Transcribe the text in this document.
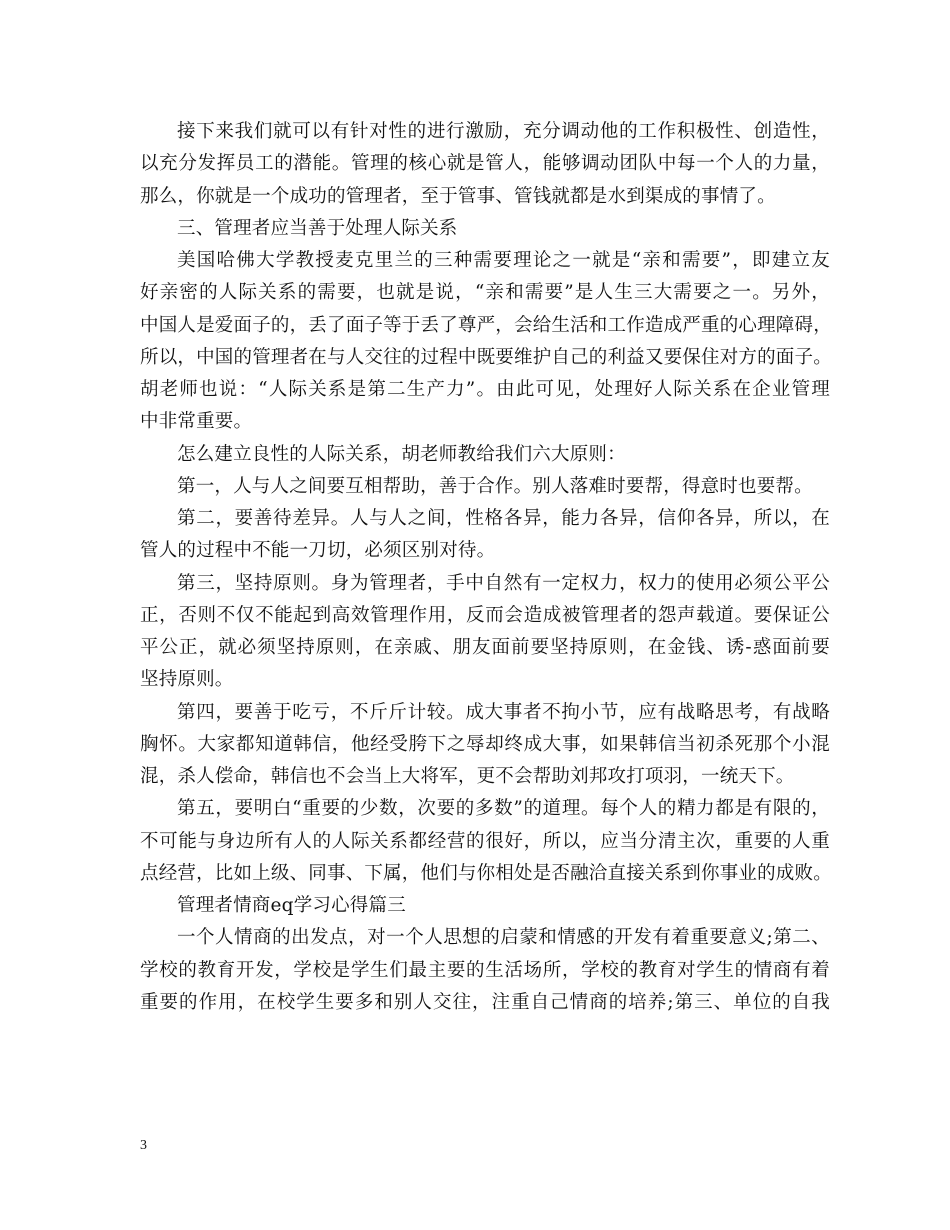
接下来我们就可以有针对性的进行激励，充分调动他的工作积极性、创造性，
以充分发挥员工的潜能。管理的核心就是管人，能够调动团队中每一个人的力量，
那么，你就是一个成功的管理者，至于管事、管钱就都是水到渠成的事情了。
三、管理者应当善于处理人际关系
美国哈佛大学教授麦克里兰的三种需要理论之一就是“亲和需要”，即建立友
好亲密的人际关系的需要，也就是说，“亲和需要”是人生三大需要之一。另外，
中国人是爱面子的，丢了面子等于丢了尊严，会给生活和工作造成严重的心理障碍，
所以，中国的管理者在与人交往的过程中既要维护自己的利益又要保住对方的面子。
胡老师也说：“人际关系是第二生产力”。由此可见，处理好人际关系在企业管理
中非常重要。
怎么建立良性的人际关系，胡老师教给我们六大原则：
第一，人与人之间要互相帮助，善于合作。别人落难时要帮，得意时也要帮。
第二，要善待差异。人与人之间，性格各异，能力各异，信仰各异，所以，在
管人的过程中不能一刀切，必须区别对待。
第三，坚持原则。身为管理者，手中自然有一定权力，权力的使用必须公平公
正，否则不仅不能起到高效管理作用，反而会造成被管理者的怨声载道。要保证公
平公正，就必须坚持原则，在亲戚、朋友面前要坚持原则，在金钱、诱-惑面前要
坚持原则。
第四，要善于吃亏，不斤斤计较。成大事者不拘小节，应有战略思考，有战略
胸怀。大家都知道韩信，他经受胯下之辱却终成大事，如果韩信当初杀死那个小混
混，杀人偿命，韩信也不会当上大将军，更不会帮助刘邦攻打项羽，一统天下。
第五，要明白“重要的少数，次要的多数”的道理。每个人的精力都是有限的，
不可能与身边所有人的人际关系都经营的很好，所以，应当分清主次，重要的人重
点经营，比如上级、同事、下属，他们与你相处是否融洽直接关系到你事业的成败。
管理者情商eq学习心得篇三
一个人情商的出发点，对一个人思想的启蒙和情感的开发有着重要意义;第二、
学校的教育开发，学校是学生们最主要的生活场所，学校的教育对学生的情商有着
重要的作用，在校学生要多和别人交往，注重自己情商的培养;第三、单位的自我
3
